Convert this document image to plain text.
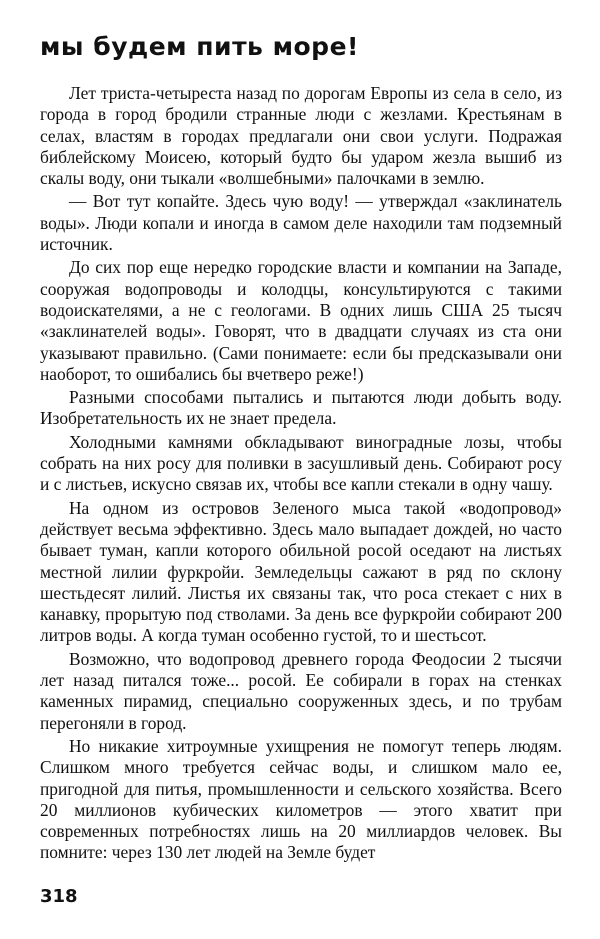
мы будем пить море!

Лет триста-четыреста назад по дорогам Европы из села в село, из города в город бродили странные люди с жезлами. Крестьянам в селах, властям в городах предлагали они свои услуги. Подражая библейскому Моисею, который будто бы ударом жезла вышиб из скалы воду, они тыкали «волшебными» палочками в землю.

— Вот тут копайте. Здесь чую воду! — утверждал «заклинатель воды». Люди копали и иногда в самом деле находили там подземный источник.

До сих пор еще нередко городские власти и компании на Западе, сооружая водопроводы и колодцы, консультируются с такими водоискателями, а не с геологами. В одних лишь США 25 тысяч «заклинателей воды». Говорят, что в двадцати случаях из ста они указывают правильно. (Сами понимаете: если бы предсказывали они наоборот, то ошибались бы вчетверо реже!)

Разными способами пытались и пытаются люди добыть воду. Изобретательность их не знает предела.

Холодными камнями обкладывают виноградные лозы, чтобы собрать на них росу для поливки в засушливый день. Собирают росу и с листьев, искусно связав их, чтобы все капли стекали в одну чашу.

На одном из островов Зеленого мыса такой «водопровод» действует весьма эффективно. Здесь мало выпадает дождей, но часто бывает туман, капли которого обильной росой оседают на листьях местной лилии фуркройи. Земледельцы сажают в ряд по склону шестьдесят лилий. Листья их связаны так, что роса стекает с них в канавку, прорытую под стволами. За день все фуркройи собирают 200 литров воды. А когда туман особенно густой, то и шестьсот.

Возможно, что водопровод древнего города Феодосии 2 тысячи лет назад питался тоже... росой. Ее собирали в горах на стенках каменных пирамид, специально сооруженных здесь, и по трубам перегоняли в город.

Но никакие хитроумные ухищрения не помогут теперь людям. Слишком много требуется сейчас воды, и слишком мало ее, пригодной для питья, промышленности и сельского хозяйства. Всего 20 миллионов кубических километров — этого хватит при современных потребностях лишь на 20 миллиардов человек. Вы помните: через 130 лет людей на Земле будет

318
